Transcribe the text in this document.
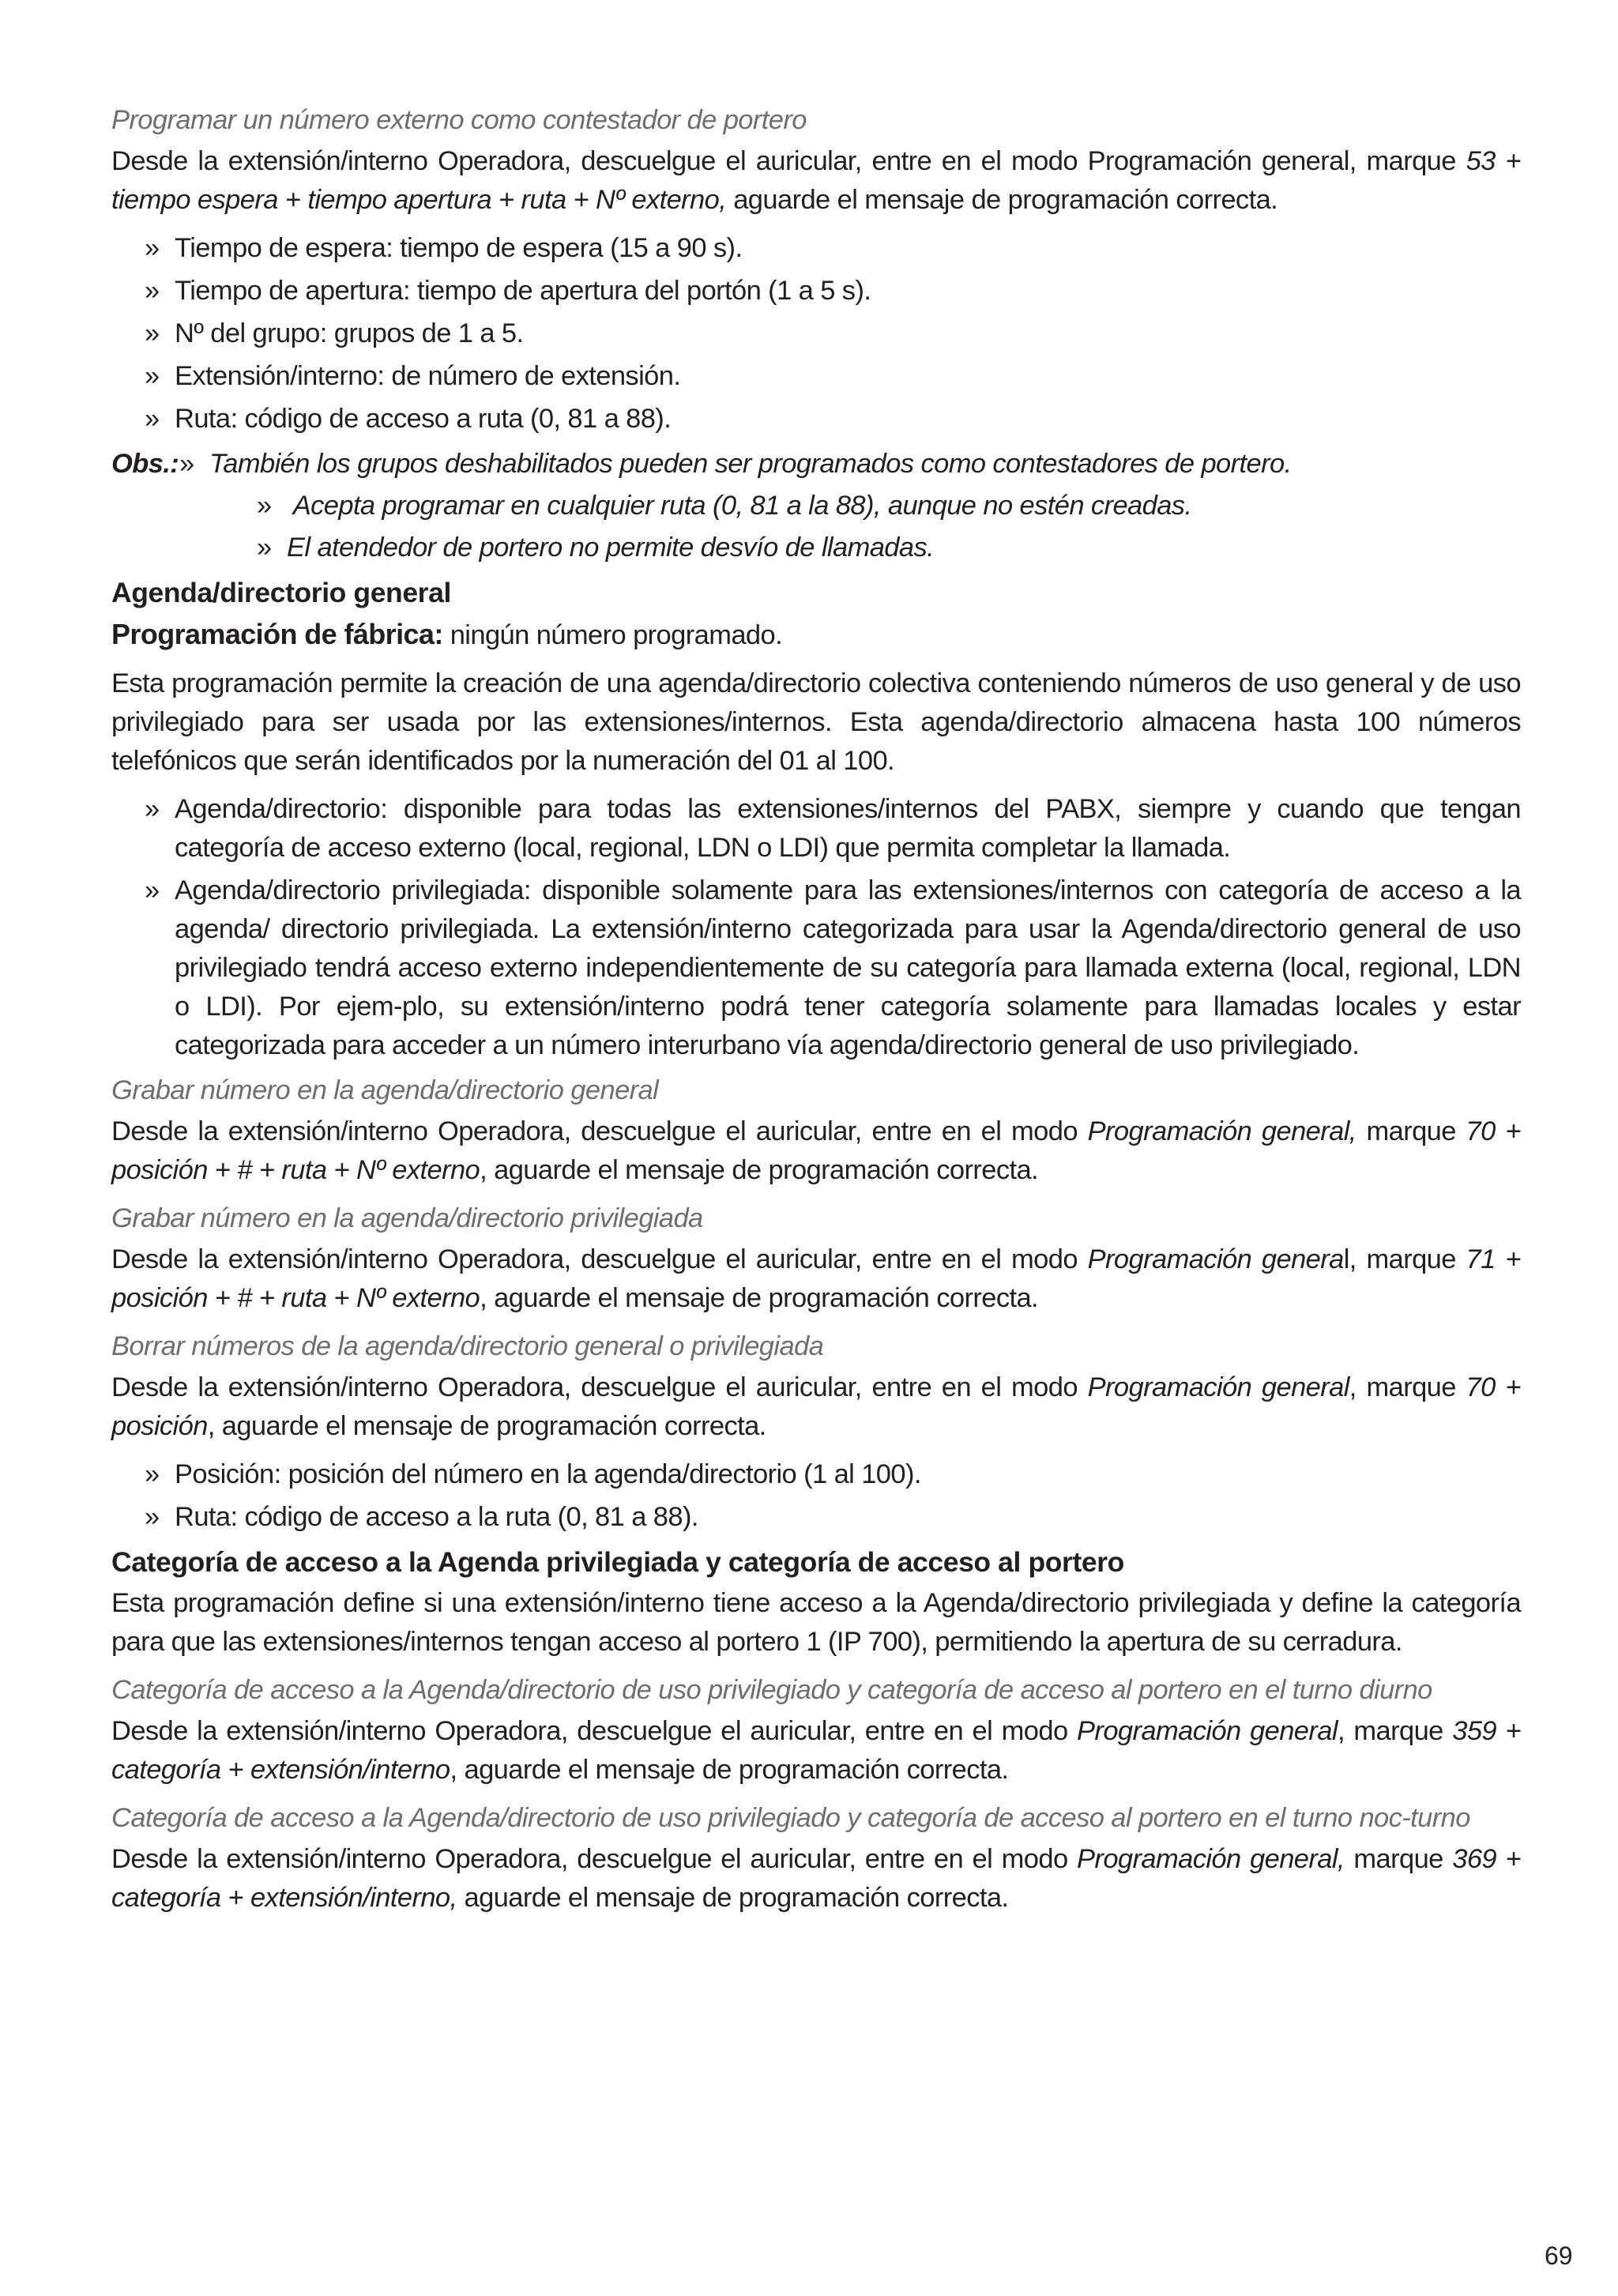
Programar un número externo como contestador de portero

Desde la extensión/interno Operadora, descuelgue el auricular, entre en el modo Programación general, marque 53 + tiempo espera + tiempo apertura + ruta + Nº externo, aguarde el mensaje de programación correcta.

» Tiempo de espera: tiempo de espera (15 a 90 s).
» Tiempo de apertura: tiempo de apertura del portón (1 a 5 s).
» Nº del grupo: grupos de 1 a 5.
» Extensión/interno: de número de extensión.
» Ruta: código de acceso a ruta (0, 81 a 88).
Obs.: » También los grupos deshabilitados pueden ser programados como contestadores de portero.
» Acepta programar en cualquier ruta (0, 81 a la 88), aunque no estén creadas.
» El atendedor de portero no permite desvío de llamadas.
Agenda/directorio general
Programación de fábrica: ningún número programado.

Esta programación permite la creación de una agenda/directorio colectiva conteniendo números de uso general y de uso privilegiado para ser usada por las extensiones/internos. Esta agenda/directorio almacena hasta 100 números telefónicos que serán identificados por la numeración del 01 al 100.

» Agenda/directorio: disponible para todas las extensiones/internos del PABX, siempre y cuando que tengan categoría de acceso externo (local, regional, LDN o LDI) que permita completar la llamada.
» Agenda/directorio privilegiada: disponible solamente para las extensiones/internos con categoría de acceso a la agenda/ directorio privilegiada. La extensión/interno categorizada para usar la Agenda/directorio general de uso privilegiado tendrá acceso externo independientemente de su categoría para llamada externa (local, regional, LDN o LDI). Por ejem-plo, su extensión/interno podrá tener categoría solamente para llamadas locales y estar categorizada para acceder a un número interurbano vía agenda/directorio general de uso privilegiado.
Grabar número en la agenda/directorio general

Desde la extensión/interno Operadora, descuelgue el auricular, entre en el modo Programación general, marque 70 + posición + # + ruta + Nº externo, aguarde el mensaje de programación correcta.

Grabar número en la agenda/directorio privilegiada

Desde la extensión/interno Operadora, descuelgue el auricular, entre en el modo Programación general, marque 71 + posición + # + ruta + Nº externo, aguarde el mensaje de programación correcta.

Borrar números de la agenda/directorio general o privilegiada

Desde la extensión/interno Operadora, descuelgue el auricular, entre en el modo Programación general, marque 70 + posición, aguarde el mensaje de programación correcta.

» Posición: posición del número en la agenda/directorio (1 al 100).
» Ruta: código de acceso a la ruta (0, 81 a 88).
Categoría de acceso a la Agenda privilegiada y categoría de acceso al portero

Esta programación define si una extensión/interno tiene acceso a la Agenda/directorio privilegiada y define la categoría para que las extensiones/internos tengan acceso al portero 1 (IP 700), permitiendo la apertura de su cerradura.

Categoría de acceso a la Agenda/directorio de uso privilegiado y categoría de acceso al portero en el turno diurno

Desde la extensión/interno Operadora, descuelgue el auricular, entre en el modo Programación general, marque 359 + categoría + extensión/interno, aguarde el mensaje de programación correcta.

Categoría de acceso a la Agenda/directorio de uso privilegiado y categoría de acceso al portero en el turno noc-turno

Desde la extensión/interno Operadora, descuelgue el auricular, entre en el modo Programación general, marque 369 + categoría + extensión/interno, aguarde el mensaje de programación correcta.

69
